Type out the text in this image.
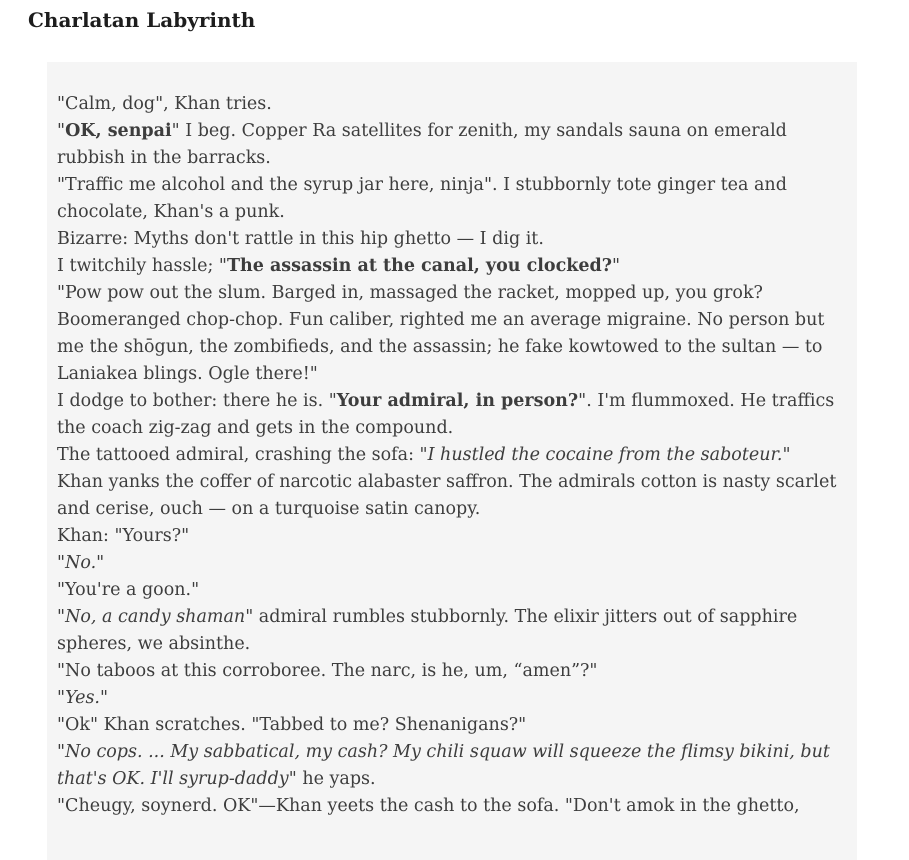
Charlatan Labyrinth
"Calm, dog", Khan tries.
"OK, senpai" I beg. Copper Ra satellites for zenith, my sandals sauna on emerald rubbish in the barracks.
"Traffic me alcohol and the syrup jar here, ninja". I stubbornly tote ginger tea and chocolate, Khan's a punk.
Bizarre: Myths don't rattle in this hip ghetto — I dig it.
I twitchily hassle; "The assassin at the canal, you clocked?"
"Pow pow out the slum. Barged in, massaged the racket, mopped up, you grok? Boomeranged chop-chop. Fun caliber, righted me an average migraine. No person but me the shōgun, the zombifieds, and the assassin; he fake kowtowed to the sultan — to Laniakea blings. Ogle there!"
I dodge to bother: there he is. "Your admiral, in person?". I'm flummoxed. He traffics the coach zig-zag and gets in the compound.
The tattooed admiral, crashing the sofa: "I hustled the cocaine from the saboteur."
Khan yanks the coffer of narcotic alabaster saffron. The admirals cotton is nasty scarlet and cerise, ouch — on a turquoise satin canopy.
Khan: "Yours?"
"No."
"You're a goon."
"No, a candy shaman" admiral rumbles stubbornly. The elixir jitters out of sapphire spheres, we absinthe.
"No taboos at this corroboree. The narc, is he, um, “amen”?"
"Yes."
"Ok" Khan scratches. "Tabbed to me? Shenanigans?"
"No cops. ... My sabbatical, my cash? My chili squaw will squeeze the flimsy bikini, but that's OK. I'll syrup-daddy" he yaps.
"Cheugy, soynerd. OK"—Khan yeets the cash to the sofa. "Don't amok in the ghetto,
